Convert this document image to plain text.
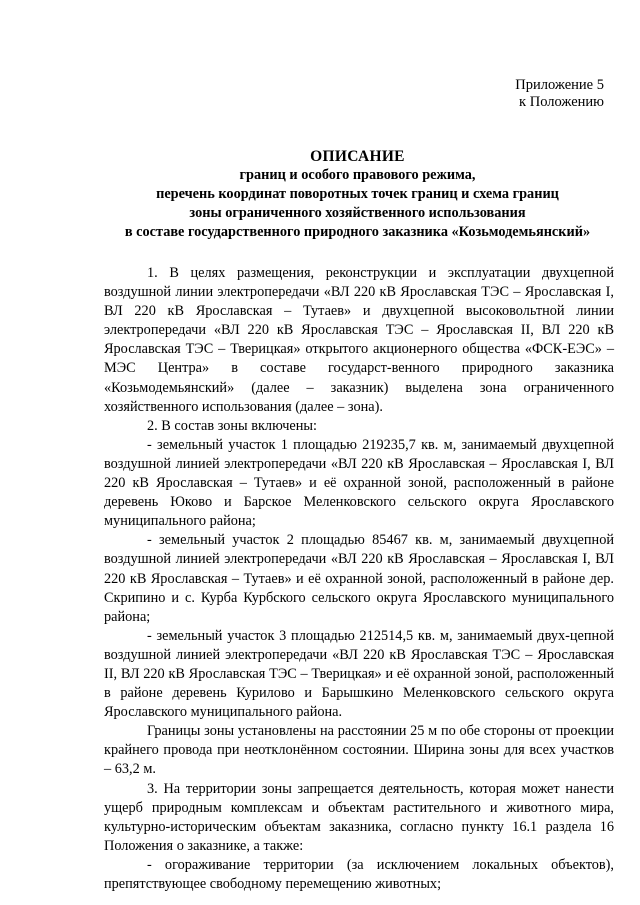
Приложение 5
к Положению
ОПИСАНИЕ
границ и особого правового режима,
перечень координат поворотных точек границ и схема границ
зоны ограниченного хозяйственного использования
в составе государственного природного заказника «Козьмодемьянский»

1. В целях размещения, реконструкции и эксплуатации двухцепной воздушной линии электропередачи «ВЛ 220 кВ Ярославская ТЭС – Ярославская I, ВЛ 220 кВ Ярославская – Тутаев» и двухцепной высоковольтной линии электропередачи «ВЛ 220 кВ Ярославская ТЭС – Ярославская II, ВЛ 220 кВ Ярославская ТЭС – Тверицкая» открытого акционерного общества «ФСК-ЕЭС» – МЭС Центра» в составе государст-венного природного заказника «Козьмодемьянский» (далее – заказник) выделена зона ограниченного хозяйственного использования (далее – зона).

2. В состав зоны включены:

- земельный участок 1 площадью 219235,7 кв. м, занимаемый двухцепной воздушной линией электропередачи «ВЛ 220 кВ Ярославская – Ярославская I, ВЛ 220 кВ Ярославская – Тутаев» и её охранной зоной, расположенный в районе деревень Юково и Барское Меленковского сельского округа Ярославского муниципального района;

- земельный участок 2 площадью 85467 кв. м, занимаемый двухцепной воздушной линией электропередачи «ВЛ 220 кВ Ярославская – Ярославская I, ВЛ 220 кВ Ярославская – Тутаев» и её охранной зоной, расположенный в районе дер. Скрипино и с. Курба Курбского сельского округа Ярославского муниципального района;

- земельный участок 3 площадью 212514,5 кв. м, занимаемый двух-цепной воздушной линией электропередачи «ВЛ 220 кВ Ярославская ТЭС – Ярославская II, ВЛ 220 кВ Ярославская ТЭС – Тверицкая» и её охранной зоной, расположенный в районе деревень Курилово и Барышкино Меленковского сельского округа Ярославского муниципального района.

Границы зоны установлены на расстоянии 25 м по обе стороны от проекции крайнего провода при неотклонённом состоянии. Ширина зоны для всех участков – 63,2 м.

3. На территории зоны запрещается деятельность, которая может нанести ущерб природным комплексам и объектам растительного и животного мира, культурно-историческим объектам заказника, согласно пункту 16.1 раздела 16 Положения о заказнике, а также:

- огораживание территории (за исключением локальных объектов), препятствующее свободному перемещению животных;
